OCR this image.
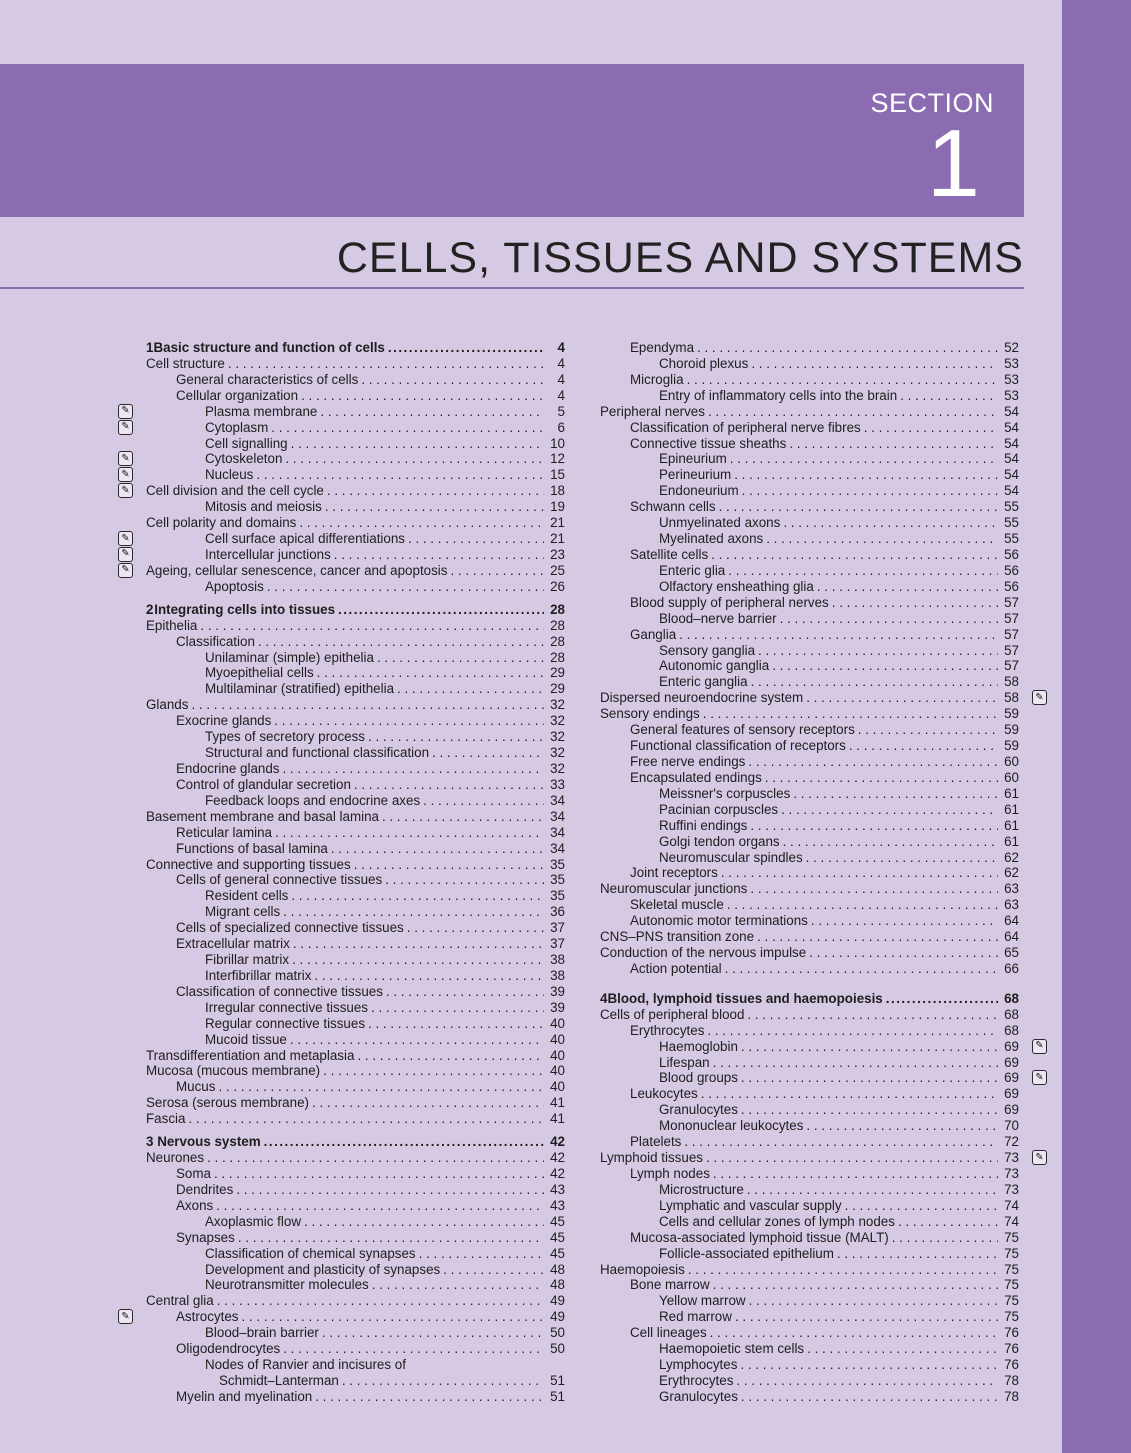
SECTION
1
CELLS, TISSUES AND SYSTEMS
1 Basic structure and function of cells .....	4
Cell structure . . .	4
General characteristics of cells . . .	4
Cellular organization . . .	4
Plasma membrane . . .	5
✎
Cytoplasm . . .	6
✎
Cell signalling . . .	10
Cytoskeleton . . .	12
✎
Nucleus . . .	15
✎
Cell division and the cell cycle . . .	18
✎
Mitosis and meiosis . . .	19
Cell polarity and domains . . .	21
Cell surface apical differentiations . . .	21
✎
Intercellular junctions . . .	23
✎
Ageing, cellular senescence, cancer and apoptosis . . .	25
✎
Apoptosis . . .	26
2 Integrating cells into tissues .....	28
Epithelia . . .	28
Classification . . .	28
Unilaminar (simple) epithelia . . .	28
Myoepithelial cells . . .	29
Multilaminar (stratified) epithelia . . .	29
Glands . . .	32
Exocrine glands . . .	32
Types of secretory process . . .	32
Structural and functional classification . . .	32
Endocrine glands . . .	32
Control of glandular secretion . . .	33
Feedback loops and endocrine axes . . .	34
Basement membrane and basal lamina . . .	34
Reticular lamina . . .	34
Functions of basal lamina . . .	34
Connective and supporting tissues . . .	35
Cells of general connective tissues . . .	35
Resident cells . . .	35
Migrant cells . . .	36
Cells of specialized connective tissues . . .	37
Extracellular matrix . . .	37
Fibrillar matrix . . .	38
Interfibrillar matrix . . .	38
Classification of connective tissues . . .	39
Irregular connective tissues . . .	39
Regular connective tissues . . .	40
Mucoid tissue . . .	40
Transdifferentiation and metaplasia . . .	40
Mucosa (mucous membrane) . . .	40
Mucus . . .	40
Serosa (serous membrane) . . .	41
Fascia . . .	41
3 Nervous system .....	42
Neurones . . .	42
Soma . . .	42
Dendrites . . .	43
Axons . . .	43
Axoplasmic flow . . .	45
Synapses . . .	45
Classification of chemical synapses . . .	45
Development and plasticity of synapses . . .	48
Neurotransmitter molecules . . .	48
Central glia . . .	49
Astrocytes . . .	49
✎
Blood–brain barrier . . .	50
Oligodendrocytes . . .	50
Nodes of Ranvier and incisures of
Schmidt–Lanterman . . .	51
Myelin and myelination . . .	51
Ependyma . . .	52
Choroid plexus . . .	53
Microglia . . .	53
Entry of inflammatory cells into the brain . . .	53
Peripheral nerves . . .	54
Classification of peripheral nerve fibres . . .	54
Connective tissue sheaths . . .	54
Epineurium . . .	54
Perineurium . . .	54
Endoneurium . . .	54
Schwann cells . . .	55
Unmyelinated axons . . .	55
Myelinated axons . . .	55
Satellite cells . . .	56
Enteric glia . . .	56
Olfactory ensheathing glia . . .	56
Blood supply of peripheral nerves . . .	57
Blood–nerve barrier . . .	57
Ganglia . . .	57
Sensory ganglia . . .	57
Autonomic ganglia . . .	57
Enteric ganglia . . .	58
Dispersed neuroendocrine system . . .	58	✎
Sensory endings . . .	59
General features of sensory receptors . . .	59
Functional classification of receptors . . .	59
Free nerve endings . . .	60
Encapsulated endings . . .	60
Meissner's corpuscles . . .	61
Pacinian corpuscles . . .	61
Ruffini endings . . .	61
Golgi tendon organs . . .	61
Neuromuscular spindles . . .	62
Joint receptors . . .	62
Neuromuscular junctions . . .	63
Skeletal muscle . . .	63
Autonomic motor terminations . . .	64
CNS–PNS transition zone . . .	64
Conduction of the nervous impulse . . .	65
Action potential . . .	66
4 Blood, lymphoid tissues and haemopoiesis .....	68
Cells of peripheral blood . . .	68
Erythrocytes . . .	68
Haemoglobin . . .	69	✎
Lifespan . . .	69
Blood groups . . .	69	✎
Leukocytes . . .	69
Granulocytes . . .	69
Mononuclear leukocytes . . .	70
Platelets . . .	72
Lymphoid tissues . . .	73	✎
Lymph nodes . . .	73
Microstructure . . .	73
Lymphatic and vascular supply . . .	74
Cells and cellular zones of lymph nodes . . .	74
Mucosa-associated lymphoid tissue (MALT) . . .	75
Follicle-associated epithelium . . .	75
Haemopoiesis . . .	75
Bone marrow . . .	75
Yellow marrow . . .	75
Red marrow . . .	75
Cell lineages . . .	76
Haemopoietic stem cells . . .	76
Lymphocytes . . .	76
Erythrocytes . . .	78
Granulocytes . . .	78
